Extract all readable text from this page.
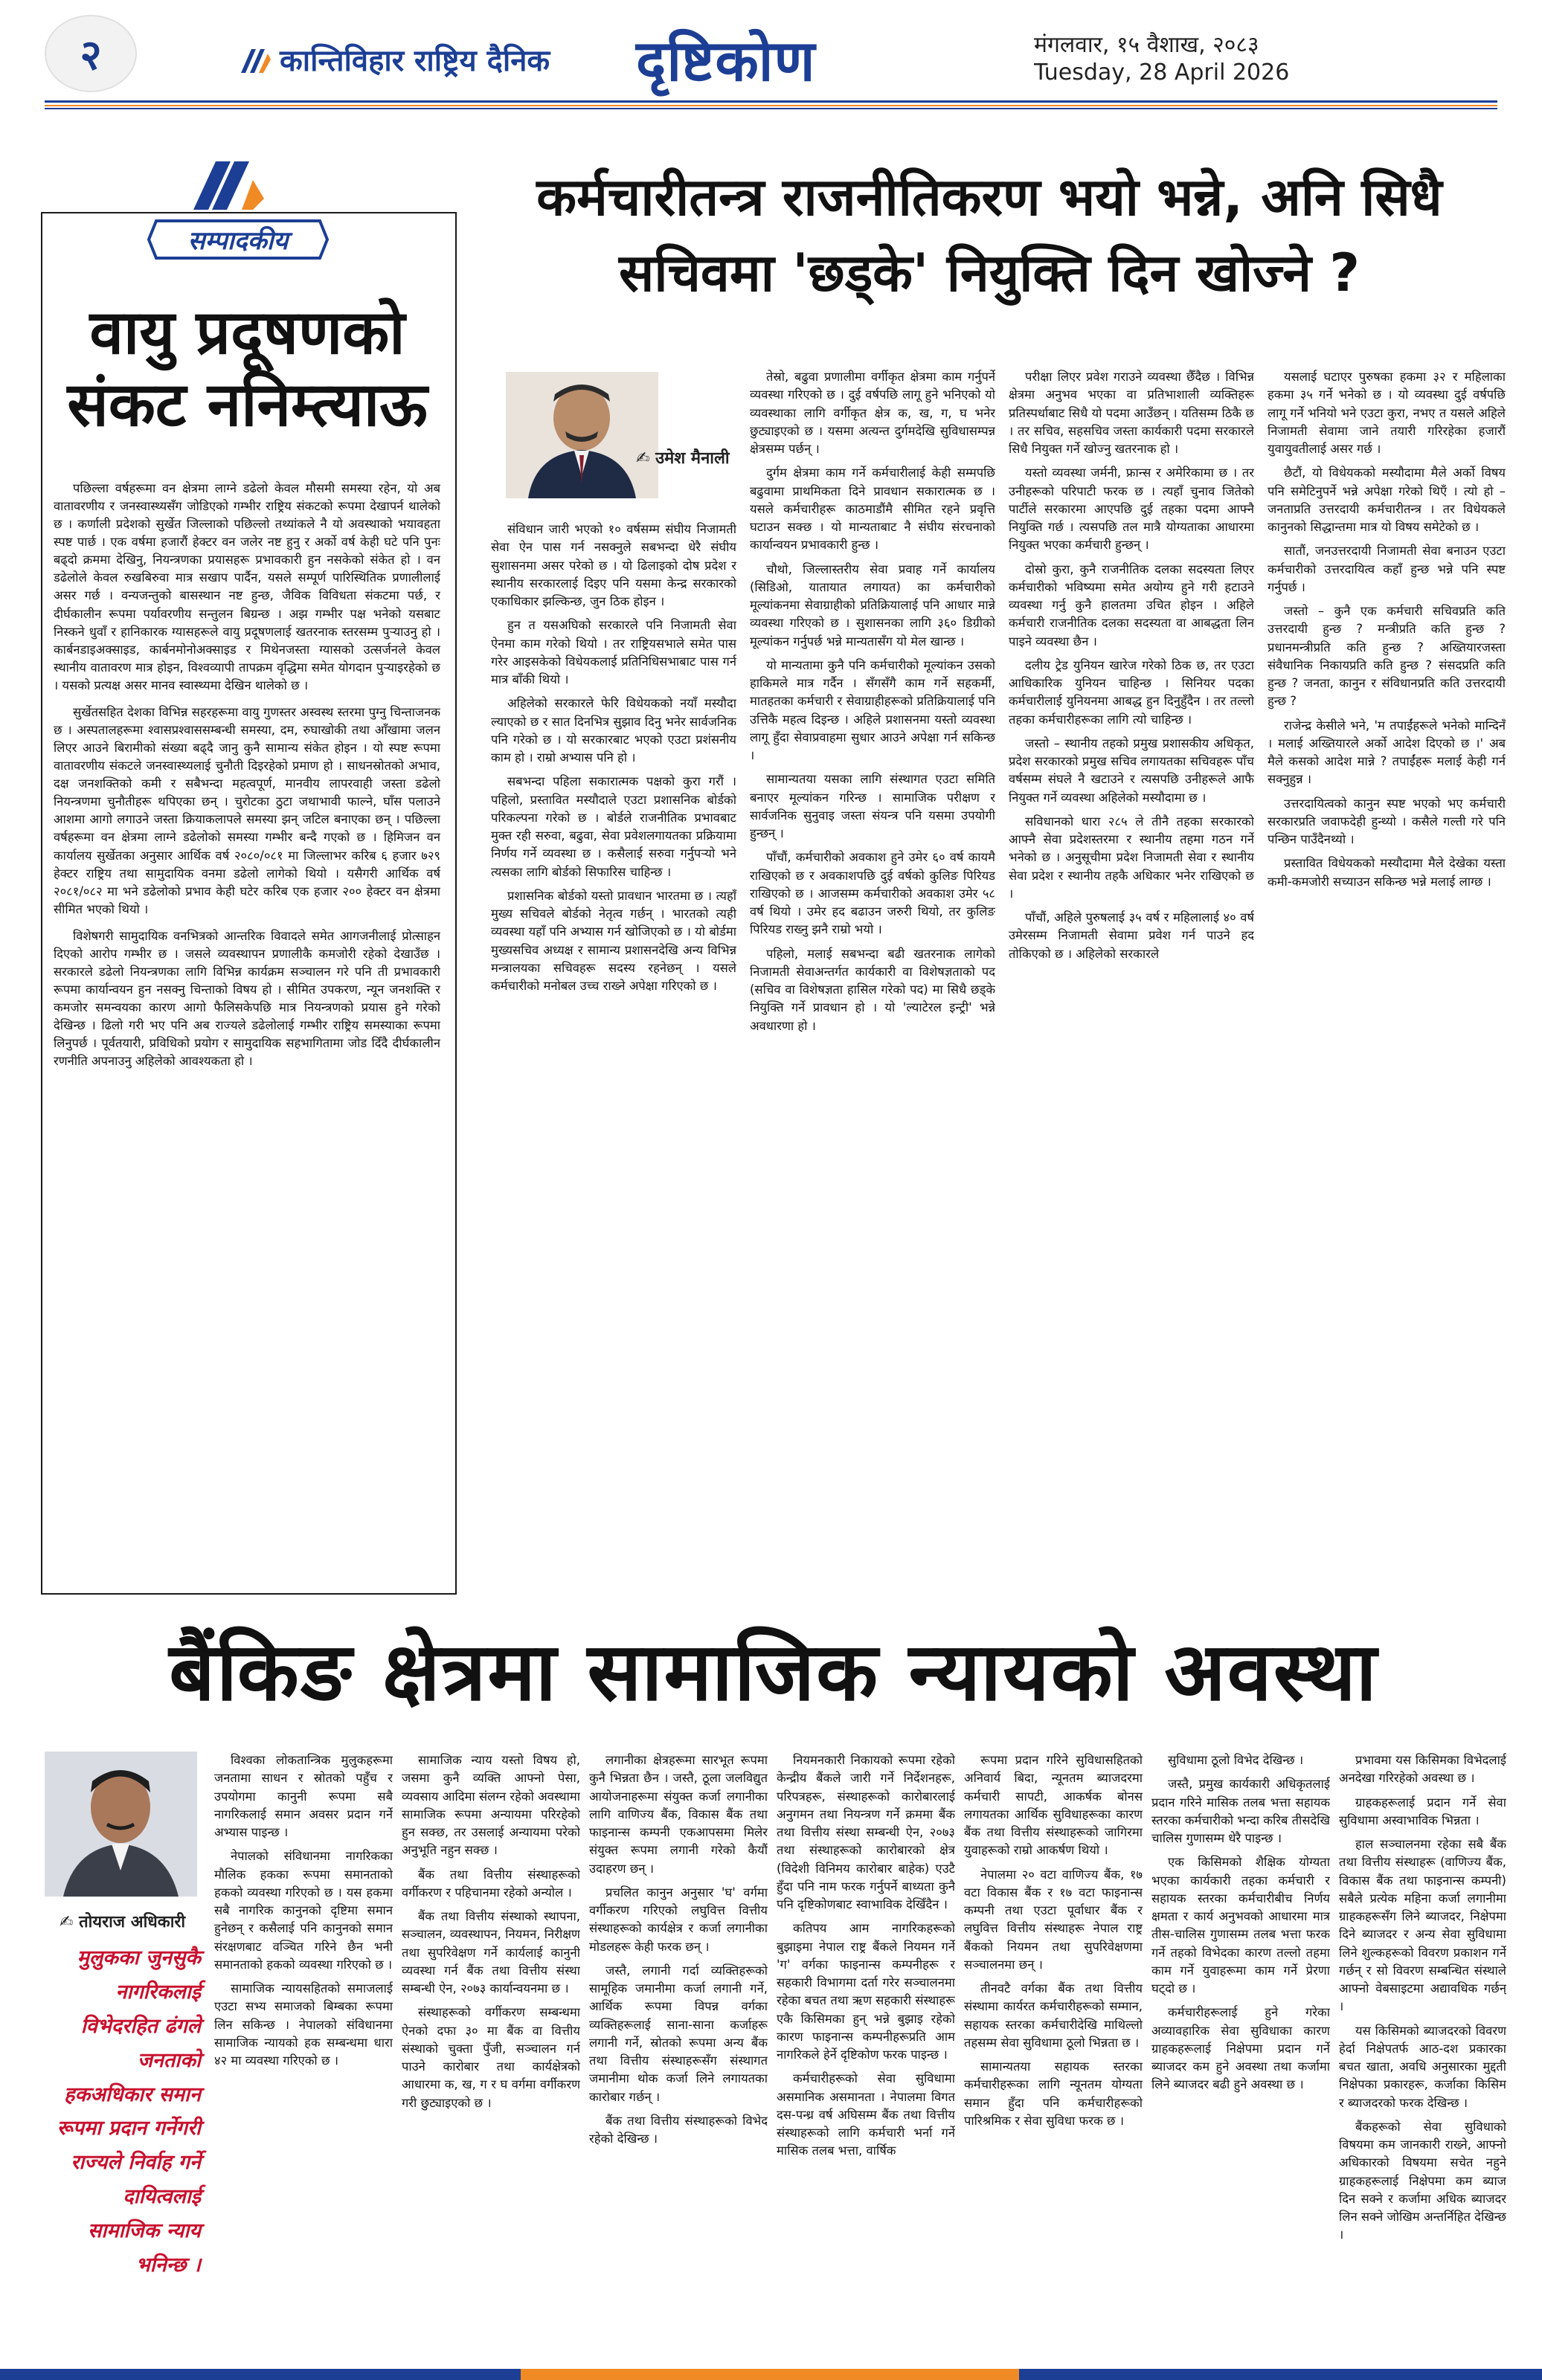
२	कान्तिविहार राष्ट्रिय दैनिक दृष्टिकोण	मंगलवार, १५ वैशाख, २०८३
Tuesday, 28 April 2026
सम्पादकीय
वायु प्रदूषणको
संकट ननिम्त्याऊ

पछिल्ला वर्षहरूमा वन क्षेत्रमा लाग्ने डढेलो केवल मौसमी समस्या रहेन, यो अब वातावरणीय र जनस्वास्थ्यसँग जोडिएको गम्भीर राष्ट्रिय संकटको रूपमा देखापर्न थालेको छ । कर्णाली प्रदेशको सुर्खेत जिल्लाको पछिल्लो तथ्यांकले नै यो अवस्थाको भयावहता स्पष्ट पार्छ । एक वर्षमा हजारौं हेक्टर वन जलेर नष्ट हुनु र अर्को वर्ष केही घटे पनि पुनः बढ्दो क्रममा देखिनु, नियन्त्रणका प्रयासहरू प्रभावकारी हुन नसकेको संकेत हो । वन डढेलोले केवल रुखबिरुवा मात्र सखाप पार्दैन, यसले सम्पूर्ण पारिस्थितिक प्रणालीलाई असर गर्छ । वन्यजन्तुको बासस्थान नष्ट हुन्छ, जैविक विविधता संकटमा पर्छ, र दीर्घकालीन रूपमा पर्यावरणीय सन्तुलन बिग्रन्छ । अझ गम्भीर पक्ष भनेको यसबाट निस्कने धुवाँ र हानिकारक ग्यासहरूले वायु प्रदूषणलाई खतरनाक स्तरसम्म पुऱ्याउनु हो । कार्बनडाइअक्साइड, कार्बनमोनोअक्साइड र मिथेनजस्ता ग्यासको उत्सर्जनले केवल स्थानीय वातावरण मात्र होइन, विश्वव्यापी तापक्रम वृद्धिमा समेत योगदान पुऱ्याइरहेको छ । यसको प्रत्यक्ष असर मानव स्वास्थ्यमा देखिन थालेको छ ।

सुर्खेतसहित देशका विभिन्न सहरहरूमा वायु गुणस्तर अस्वस्थ स्तरमा पुग्नु चिन्ताजनक छ । अस्पतालहरूमा श्वासप्रश्वाससम्बन्धी समस्या, दम, रुघाखोकी तथा आँखामा जलन लिएर आउने बिरामीको संख्या बढ्दै जानु कुनै सामान्य संकेत होइन । यो स्पष्ट रूपमा वातावरणीय संकटले जनस्वास्थ्यलाई चुनौती दिइरहेको प्रमाण हो । साधनस्रोतको अभाव, दक्ष जनशक्तिको कमी र सबैभन्दा महत्वपूर्ण, मानवीय लापरवाही जस्ता डढेलो नियन्त्रणमा चुनौतीहरू थपिएका छन् । चुरोटका ठुटा जथाभावी फाल्ने, घाँस पलाउने आशमा आगो लगाउने जस्ता क्रियाकलापले समस्या झन् जटिल बनाएका छन् । पछिल्ला वर्षहरूमा वन क्षेत्रमा लाग्ने डढेलोको समस्या गम्भीर बन्दै गएको छ । हिमिजन वन कार्यालय सुर्खेतका अनुसार आर्थिक वर्ष २०८०/०८१ मा जिल्लाभर करिब ६ हजार ७२९ हेक्टर राष्ट्रिय तथा सामुदायिक वनमा डढेलो लागेको थियो । यसैगरी आर्थिक वर्ष २०८१/०८२ मा भने डढेलोको प्रभाव केही घटेर करिब एक हजार २०० हेक्टर वन क्षेत्रमा सीमित भएको थियो ।

विशेषगरी सामुदायिक वनभित्रको आन्तरिक विवादले समेत आगजनीलाई प्रोत्साहन दिएको आरोप गम्भीर छ । जसले व्यवस्थापन प्रणालीकै कमजोरी रहेको देखाउँछ । सरकारले डढेलो नियन्त्रणका लागि विभिन्न कार्यक्रम सञ्चालन गरे पनि ती प्रभावकारी रूपमा कार्यान्वयन हुन नसक्नु चिन्ताको विषय हो । सीमित उपकरण, न्यून जनशक्ति र कमजोर समन्वयका कारण आगो फैलिसकेपछि मात्र नियन्त्रणको प्रयास हुने गरेको देखिन्छ । ढिलो गरी भए पनि अब राज्यले डढेलोलाई गम्भीर राष्ट्रिय समस्याका रूपमा लिनुपर्छ । पूर्वतयारी, प्रविधिको प्रयोग र सामुदायिक सहभागितामा जोड दिँदै दीर्घकालीन रणनीति अपनाउनु अहिलेको आवश्यकता हो ।

कर्मचारीतन्त्र राजनीतिकरण भयो भन्ने, अनि सिधै
सचिवमा 'छड्के' नियुक्ति दिन खोज्ने ?
✍ उमेश मैनाली

संविधान जारी भएको १० वर्षसम्म संघीय निजामती सेवा ऐन पास गर्न नसक्नुले सबभन्दा धेरै संघीय सुशासनमा असर परेको छ । यो ढिलाइको दोष प्रदेश र स्थानीय सरकारलाई दिइए पनि यसमा केन्द्र सरकारको एकाधिकार झल्किन्छ, जुन ठिक होइन ।

हुन त यसअघिको सरकारले पनि निजामती सेवा ऐनमा काम गरेको थियो । तर राष्ट्रियसभाले समेत पास गरेर आइसकेको विधेयकलाई प्रतिनिधिसभाबाट पास गर्न मात्र बाँकी थियो ।

अहिलेको सरकारले फेरि विधेयकको नयाँ मस्यौदा ल्याएको छ र सात दिनभित्र सुझाव दिनु भनेर सार्वजनिक पनि गरेको छ । यो सरकारबाट भएको एउटा प्रशंसनीय काम हो । राम्रो अभ्यास पनि हो ।

सबभन्दा पहिला सकारात्मक पक्षको कुरा गरौं । पहिलो, प्रस्तावित मस्यौदाले एउटा प्रशासनिक बोर्डको परिकल्पना गरेको छ । बोर्डले राजनीतिक प्रभावबाट मुक्त रही सरुवा, बढुवा, सेवा प्रवेशलगायतका प्रक्रियामा निर्णय गर्ने व्यवस्था छ । कसैलाई सरुवा गर्नुपर्‍यो भने त्यसका लागि बोर्डको सिफारिस चाहिन्छ ।

प्रशासनिक बोर्डको यस्तो प्रावधान भारतमा छ । त्यहाँ मुख्य सचिवले बोर्डको नेतृत्व गर्छन् । भारतको त्यही व्यवस्था यहाँ पनि अभ्यास गर्न खोजिएको छ । यो बोर्डमा मुख्यसचिव अध्यक्ष र सामान्य प्रशासनदेखि अन्य विभिन्न मन्त्रालयका सचिवहरू सदस्य रहनेछन् । यसले कर्मचारीको मनोबल उच्च राख्ने अपेक्षा गरिएको छ ।

तेस्रो, बढुवा प्रणालीमा वर्गीकृत क्षेत्रमा काम गर्नुपर्ने व्यवस्था गरिएको छ । दुई वर्षपछि लागू हुने भनिएको यो व्यवस्थाका लागि वर्गीकृत क्षेत्र क, ख, ग, घ भनेर छुट्याइएको छ । यसमा अत्यन्त दुर्गमदेखि सुविधासम्पन्न क्षेत्रसम्म पर्छन् ।

दुर्गम क्षेत्रमा काम गर्ने कर्मचारीलाई केही सम्मपछि बढुवामा प्राथमिकता दिने प्रावधान सकारात्मक छ । यसले कर्मचारीहरू काठमाडौंमै सीमित रहने प्रवृत्ति घटाउन सक्छ । यो मान्यताबाट नै संघीय संरचनाको कार्यान्वयन प्रभावकारी हुन्छ ।

चौथो, जिल्लास्तरीय सेवा प्रवाह गर्ने कार्यालय (सिडिओ, यातायात लगायत) का कर्मचारीको मूल्यांकनमा सेवाग्राहीको प्रतिक्रियालाई पनि आधार मान्ने व्यवस्था गरिएको छ । सुशासनका लागि ३६० डिग्रीको मूल्यांकन गर्नुपर्छ भन्ने मान्यतासँग यो मेल खान्छ ।

यो मान्यतामा कुनै पनि कर्मचारीको मूल्यांकन उसको हाकिमले मात्र गर्दैन । सँगसँगै काम गर्ने सहकर्मी, मातहतका कर्मचारी र सेवाग्राहीहरूको प्रतिक्रियालाई पनि उत्तिकै महत्व दिइन्छ । अहिले प्रशासनमा यस्तो व्यवस्था लागू हुँदा सेवाप्रवाहमा सुधार आउने अपेक्षा गर्न सकिन्छ ।

सामान्यतया यसका लागि संस्थागत एउटा समिति बनाएर मूल्यांकन गरिन्छ । सामाजिक परीक्षण र सार्वजनिक सुनुवाइ जस्ता संयन्त्र पनि यसमा उपयोगी हुन्छन् ।

पाँचौं, कर्मचारीको अवकाश हुने उमेर ६० वर्ष कायमै राखिएको छ र अवकाशपछि दुई वर्षको कुलिङ पिरियड राखिएको छ । आजसम्म कर्मचारीको अवकाश उमेर ५८ वर्ष थियो । उमेर हद बढाउन जरुरी थियो, तर कुलिङ पिरियड राख्नु झनै राम्रो भयो ।

पहिलो, मलाई सबभन्दा बढी खतरनाक लागेको निजामती सेवाअन्तर्गत कार्यकारी वा विशेषज्ञताको पद (सचिव वा विशेषज्ञता हासिल गरेको पद) मा सिधै छड्के नियुक्ति गर्ने प्रावधान हो । यो 'ल्याटेरल इन्ट्री' भन्ने अवधारणा हो ।

परीक्षा लिएर प्रवेश गराउने व्यवस्था छैँदैछ । विभिन्न क्षेत्रमा अनुभव भएका वा प्रतिभाशाली व्यक्तिहरू प्रतिस्पर्धाबाट सिधै यो पदमा आउँछन् । यतिसम्म ठिकै छ । तर सचिव, सहसचिव जस्ता कार्यकारी पदमा सरकारले सिधै नियुक्त गर्ने खोज्नु खतरनाक हो ।

यस्तो व्यवस्था जर्मनी, फ्रान्स र अमेरिकामा छ । तर उनीहरूको परिपाटी फरक छ । त्यहाँ चुनाव जितेको पार्टीले सरकारमा आएपछि दुई तहका पदमा आफ्नै नियुक्ति गर्छ । त्यसपछि तल मात्रै योग्यताका आधारमा नियुक्त भएका कर्मचारी हुन्छन् ।

दोस्रो कुरा, कुनै राजनीतिक दलका सदस्यता लिएर कर्मचारीको भविष्यमा समेत अयोग्य हुने गरी हटाउने व्यवस्था गर्नु कुनै हालतमा उचित होइन । अहिले कर्मचारी राजनीतिक दलका सदस्यता वा आबद्धता लिन पाइने व्यवस्था छैन ।

दलीय ट्रेड युनियन खारेज गरेको ठिक छ, तर एउटा आधिकारिक युनियन चाहिन्छ । सिनियर पदका कर्मचारीलाई युनियनमा आबद्ध हुन दिनुहुँदैन । तर तल्लो तहका कर्मचारीहरूका लागि त्यो चाहिन्छ ।

जस्तो – स्थानीय तहको प्रमुख प्रशासकीय अधिकृत, प्रदेश सरकारको प्रमुख सचिव लगायतका सचिवहरू पाँच वर्षसम्म संघले नै खटाउने र त्यसपछि उनीहरूले आफै नियुक्त गर्ने व्यवस्था अहिलेको मस्यौदामा छ ।

सविधानको धारा २८५ ले तीनै तहका सरकारको आफ्नै सेवा प्रदेशस्तरमा र स्थानीय तहमा गठन गर्ने भनेको छ । अनुसूचीमा प्रदेश निजामती सेवा र स्थानीय सेवा प्रदेश र स्थानीय तहकै अधिकार भनेर राखिएको छ ।

पाँचौं, अहिले पुरुषलाई ३५ वर्ष र महिलालाई ४० वर्ष उमेरसम्म निजामती सेवामा प्रवेश गर्न पाउने हद तोकिएको छ । अहिलेको सरकारले

यसलाई घटाएर पुरुषका हकमा ३२ र महिलाका हकमा ३५ गर्ने भनेको छ । यो व्यवस्था दुई वर्षपछि लागू गर्ने भनियो भने एउटा कुरा, नभए त यसले अहिले निजामती सेवामा जाने तयारी गरिरहेका हजारौं युवायुवतीलाई असर गर्छ ।

छैटौं, यो विधेयकको मस्यौदामा मैले अर्को विषय पनि समेटिनुपर्ने भन्ने अपेक्षा गरेको थिएँ । त्यो हो – जनताप्रति उत्तरदायी कर्मचारीतन्त्र । तर विधेयकले कानुनको सिद्धान्तमा मात्र यो विषय समेटेको छ ।

सातौं, जनउत्तरदायी निजामती सेवा बनाउन एउटा कर्मचारीको उत्तरदायित्व कहाँ हुन्छ भन्ने पनि स्पष्ट गर्नुपर्छ ।

जस्तो – कुनै एक कर्मचारी सचिवप्रति कति उत्तरदायी हुन्छ ? मन्त्रीप्रति कति हुन्छ ? प्रधानमन्त्रीप्रति कति हुन्छ ? अख्तियारजस्ता संवैधानिक निकायप्रति कति हुन्छ ? संसदप्रति कति हुन्छ ? जनता, कानुन र संविधानप्रति कति उत्तरदायी हुन्छ ?

राजेन्द्र केसीले भने, 'म तपाईंहरूले भनेको मान्दिनँ । मलाई अख्तियारले अर्को आदेश दिएको छ ।' अब मैले कसको आदेश मान्ने ? तपाईंहरू मलाई केही गर्न सक्नुहुन्न ।

उत्तरदायित्वको कानुन स्पष्ट भएको भए कर्मचारी सरकारप्रति जवाफदेही हुन्थ्यो । कसैले गल्ती गरे पनि पन्छिन पाउँदैनथ्यो ।

प्रस्तावित विधेयकको मस्यौदामा मैले देखेका यस्ता कमी-कमजोरी सच्याउन सकिन्छ भन्ने मलाई लाग्छ ।

बैंकिङ क्षेत्रमा सामाजिक न्यायको अवस्था
✍ तोयराज अधिकारी
मुलुकका जुनसुकै नागरिकलाई विभेदरहित ढंगले जनताको हकअधिकार समान रूपमा प्रदान गर्नेगरी राज्यले निर्वाह गर्ने दायित्वलाई सामाजिक न्याय भनिन्छ ।

विश्वका लोकतान्त्रिक मुलुकहरूमा जनतामा साधन र स्रोतको पहुँच र उपयोगमा कानुनी रूपमा सबै नागरिकलाई समान अवसर प्रदान गर्ने अभ्यास पाइन्छ ।

नेपालको संविधानमा नागरिकका मौलिक हकका रूपमा समानताको हकको व्यवस्था गरिएको छ । यस हकमा सबै नागरिक कानुनको दृष्टिमा समान हुनेछन् र कसैलाई पनि कानुनको समान संरक्षणबाट वञ्चित गरिने छैन भनी समानताको हकको व्यवस्था गरिएको छ ।

सामाजिक न्यायसहितको समाजलाई एउटा सभ्य समाजको बिम्बका रूपमा लिन सकिन्छ । नेपालको संविधानमा सामाजिक न्यायको हक सम्बन्धमा धारा ४२ मा व्यवस्था गरिएको छ ।

सामाजिक न्याय यस्तो विषय हो, जसमा कुनै व्यक्ति आफ्नो पेसा, व्यवसाय आदिमा संलग्न रहेको अवस्थामा सामाजिक रूपमा अन्यायमा परिरहेको हुन सक्छ, तर उसलाई अन्यायमा परेको अनुभूति नहुन सक्छ ।

बैंक तथा वित्तीय संस्थाहरूको वर्गीकरण र पहिचानमा रहेको अन्योल ।

बैंक तथा वित्तीय संस्थाको स्थापना, सञ्चालन, व्यवस्थापन, नियमन, निरीक्षण तथा सुपरिवेक्षण गर्ने कार्यलाई कानुनी व्यवस्था गर्न बैंक तथा वित्तीय संस्था सम्बन्धी ऐन, २०७३ कार्यान्वयनमा छ ।

संस्थाहरूको वर्गीकरण सम्बन्धमा ऐनको दफा ३० मा बैंक वा वित्तीय संस्थाको चुक्ता पुँजी, सञ्चालन गर्न पाउने कारोबार तथा कार्यक्षेत्रको आधारमा क, ख, ग र घ वर्गमा वर्गीकरण गरी छुट्याइएको छ ।

लगानीका क्षेत्रहरूमा सारभूत रूपमा कुनै भिन्नता छैन । जस्तै, ठूला जलविद्युत आयोजनाहरूमा संयुक्त कर्जा लगानीका लागि वाणिज्य बैंक, विकास बैंक तथा फाइनान्स कम्पनी एकआपसमा मिलेर संयुक्त रूपमा लगानी गरेको कैयौं उदाहरण छन् ।

प्रचलित कानुन अनुसार 'घ' वर्गमा वर्गीकरण गरिएको लघुवित्त वित्तीय संस्थाहरूको कार्यक्षेत्र र कर्जा लगानीका मोडलहरू केही फरक छन् ।

जस्तै, लगानी गर्दा व्यक्तिहरूको सामूहिक जमानीमा कर्जा लगानी गर्ने, आर्थिक रूपमा विपन्न वर्गका व्यक्तिहरूलाई साना-साना कर्जाहरू लगानी गर्ने, स्रोतको रूपमा अन्य बैंक तथा वित्तीय संस्थाहरूसँग संस्थागत जमानीमा थोक कर्जा लिने लगायतका कारोबार गर्छन् ।

बैंक तथा वित्तीय संस्थाहरूको विभेद रहेको देखिन्छ ।

नियमनकारी निकायको रूपमा रहेको केन्द्रीय बैंकले जारी गर्ने निर्देशनहरू, परिपत्रहरू, संस्थाहरूको कारोबारलाई अनुगमन तथा नियन्त्रण गर्ने क्रममा बैंक तथा वित्तीय संस्था सम्बन्धी ऐन, २०७३ तथा संस्थाहरूको कारोबारको क्षेत्र (विदेशी विनिमय कारोबार बाहेक) एउटै हुँदा पनि नाम फरक गर्नुपर्ने बाध्यता कुनै पनि दृष्टिकोणबाट स्वाभाविक देखिँदैन ।

कतिपय आम नागरिकहरूको बुझाइमा नेपाल राष्ट्र बैंकले नियमन गर्ने 'ग' वर्गका फाइनान्स कम्पनीहरू र सहकारी विभागमा दर्ता गरेर सञ्चालनमा रहेका बचत तथा ऋण सहकारी संस्थाहरू एकै किसिमका हुन् भन्ने बुझाइ रहेको कारण फाइनान्स कम्पनीहरूप्रति आम नागरिकले हेर्ने दृष्टिकोण फरक पाइन्छ ।

कर्मचारीहरूको सेवा सुविधामा असमानिक असमानता । नेपालमा विगत दस-पन्ध्र वर्ष अघिसम्म बैंक तथा वित्तीय संस्थाहरूको लागि कर्मचारी भर्ना गर्ने मासिक तलब भत्ता, वार्षिक

रूपमा प्रदान गरिने सुविधासहितको अनिवार्य बिदा, न्यूनतम ब्याजदरमा कर्मचारी सापटी, आकर्षक बोनस लगायतका आर्थिक सुविधाहरूका कारण बैंक तथा वित्तीय संस्थाहरूको जागिरमा युवाहरूको राम्रो आकर्षण थियो ।

नेपालमा २० वटा वाणिज्य बैंक, १७ वटा विकास बैंक र १७ वटा फाइनान्स कम्पनी तथा एउटा पूर्वाधार बैंक र लघुवित्त वित्तीय संस्थाहरू नेपाल राष्ट्र बैंकको नियमन तथा सुपरिवेक्षणमा सञ्चालनमा छन् ।

तीनवटै वर्गका बैंक तथा वित्तीय संस्थामा कार्यरत कर्मचारीहरूको सम्मान, सहायक स्तरका कर्मचारीदेखि माथिल्लो तहसम्म सेवा सुविधामा ठूलो भिन्नता छ ।

सामान्यतया सहायक स्तरका कर्मचारीहरूका लागि न्यूनतम योग्यता समान हुँदा पनि कर्मचारीहरूको पारिश्रमिक र सेवा सुविधा फरक छ ।

सुविधामा ठूलो विभेद देखिन्छ ।

जस्तै, प्रमुख कार्यकारी अधिकृतलाई प्रदान गरिने मासिक तलब भत्ता सहायक स्तरका कर्मचारीको भन्दा करिब तीसदेखि चालिस गुणासम्म धेरै पाइन्छ ।

एक किसिमको शैक्षिक योग्यता भएका कार्यकारी तहका कर्मचारी र सहायक स्तरका कर्मचारीबीच निर्णय क्षमता र कार्य अनुभवको आधारमा मात्र तीस-चालिस गुणासम्म तलब भत्ता फरक गर्ने तहको विभेदका कारण तल्लो तहमा काम गर्ने युवाहरूमा काम गर्ने प्रेरणा घट्दो छ ।

कर्मचारीहरूलाई हुने गरेका अव्यावहारिक सेवा सुविधाका कारण ग्राहकहरूलाई निक्षेपमा प्रदान गर्ने ब्याजदर कम हुने अवस्था तथा कर्जामा लिने ब्याजदर बढी हुने अवस्था छ ।

प्रभावमा यस किसिमका विभेदलाई अनदेखा गरिरहेको अवस्था छ ।

ग्राहकहरूलाई प्रदान गर्ने सेवा सुविधामा अस्वाभाविक भिन्नता ।

हाल सञ्चालनमा रहेका सबै बैंक तथा वित्तीय संस्थाहरू (वाणिज्य बैंक, विकास बैंक तथा फाइनान्स कम्पनी) सबैले प्रत्येक महिना कर्जा लगानीमा ग्राहकहरूसँग लिने ब्याजदर, निक्षेपमा दिने ब्याजदर र अन्य सेवा सुविधामा लिने शुल्कहरूको विवरण प्रकाशन गर्ने गर्छन् र सो विवरण सम्बन्धित संस्थाले आफ्नो वेबसाइटमा अद्यावधिक गर्छन् ।

यस किसिमको ब्याजदरको विवरण हेर्दा निक्षेपतर्फ आठ-दश प्रकारका बचत खाता, अवधि अनुसारका मुद्दती निक्षेपका प्रकारहरू, कर्जाका किसिम र ब्याजदरको फरक देखिन्छ ।

बैंकहरूको सेवा सुविधाको विषयमा कम जानकारी राख्ने, आफ्नो अधिकारको विषयमा सचेत नहुने ग्राहकहरूलाई निक्षेपमा कम ब्याज दिन सक्ने र कर्जामा अधिक ब्याजदर लिन सक्ने जोखिम अन्तर्निहित देखिन्छ ।
